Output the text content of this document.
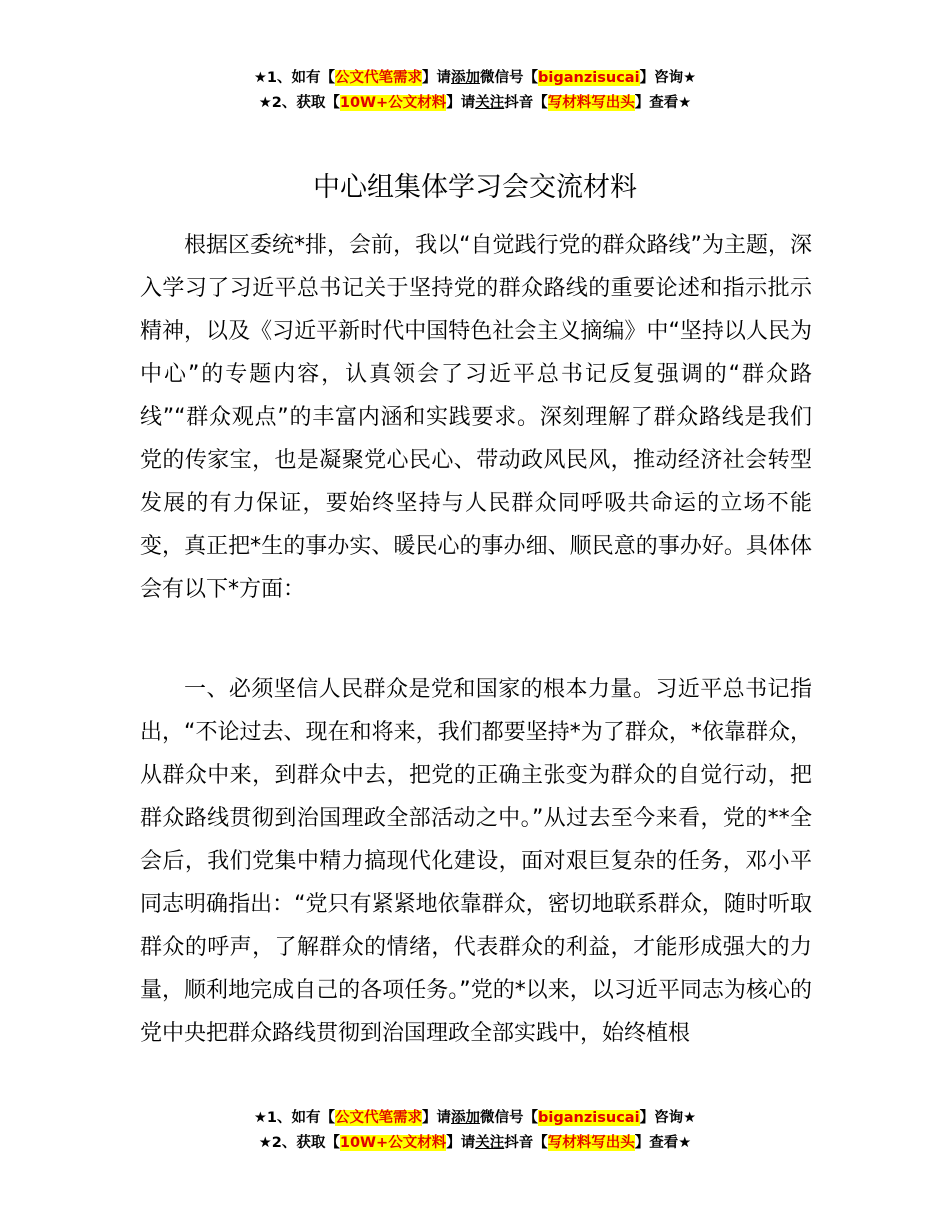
★1、如有【公文代笔需求】请添加微信号【biganzisucai】咨询★
★2、获取【10W+公文材料】请关注抖音【写材料写出头】查看★
中心组集体学习会交流材料

根据区委统*排，会前，我以“自觉践行党的群众路线”为主题，深入学习了习近平总书记关于坚持党的群众路线的重要论述和指示批示精神，以及《习近平新时代中国特色社会主义摘编》中“坚持以人民为中心”的专题内容，认真领会了习近平总书记反复强调的“群众路线”“群众观点”的丰富内涵和实践要求。深刻理解了群众路线是我们党的传家宝，也是凝聚党心民心、带动政风民风，推动经济社会转型发展的有力保证，要始终坚持与人民群众同呼吸共命运的立场不能变，真正把*生的事办实、暖民心的事办细、顺民意的事办好。具体体会有以下*方面：

一、必须坚信人民群众是党和国家的根本力量。习近平总书记指出，“不论过去、现在和将来，我们都要坚持*为了群众，*依靠群众，从群众中来，到群众中去，把党的正确主张变为群众的自觉行动，把群众路线贯彻到治国理政全部活动之中。”从过去至今来看，党的**全会后，我们党集中精力搞现代化建设，面对艰巨复杂的任务，邓小平同志明确指出：“党只有紧紧地依靠群众，密切地联系群众，随时听取群众的呼声，了解群众的情绪，代表群众的利益，才能形成强大的力量，顺利地完成自己的各项任务。”党的*以来，以习近平同志为核心的党中央把群众路线贯彻到治国理政全部实践中，始终植根

★1、如有【公文代笔需求】请添加微信号【biganzisucai】咨询★
★2、获取【10W+公文材料】请关注抖音【写材料写出头】查看★
